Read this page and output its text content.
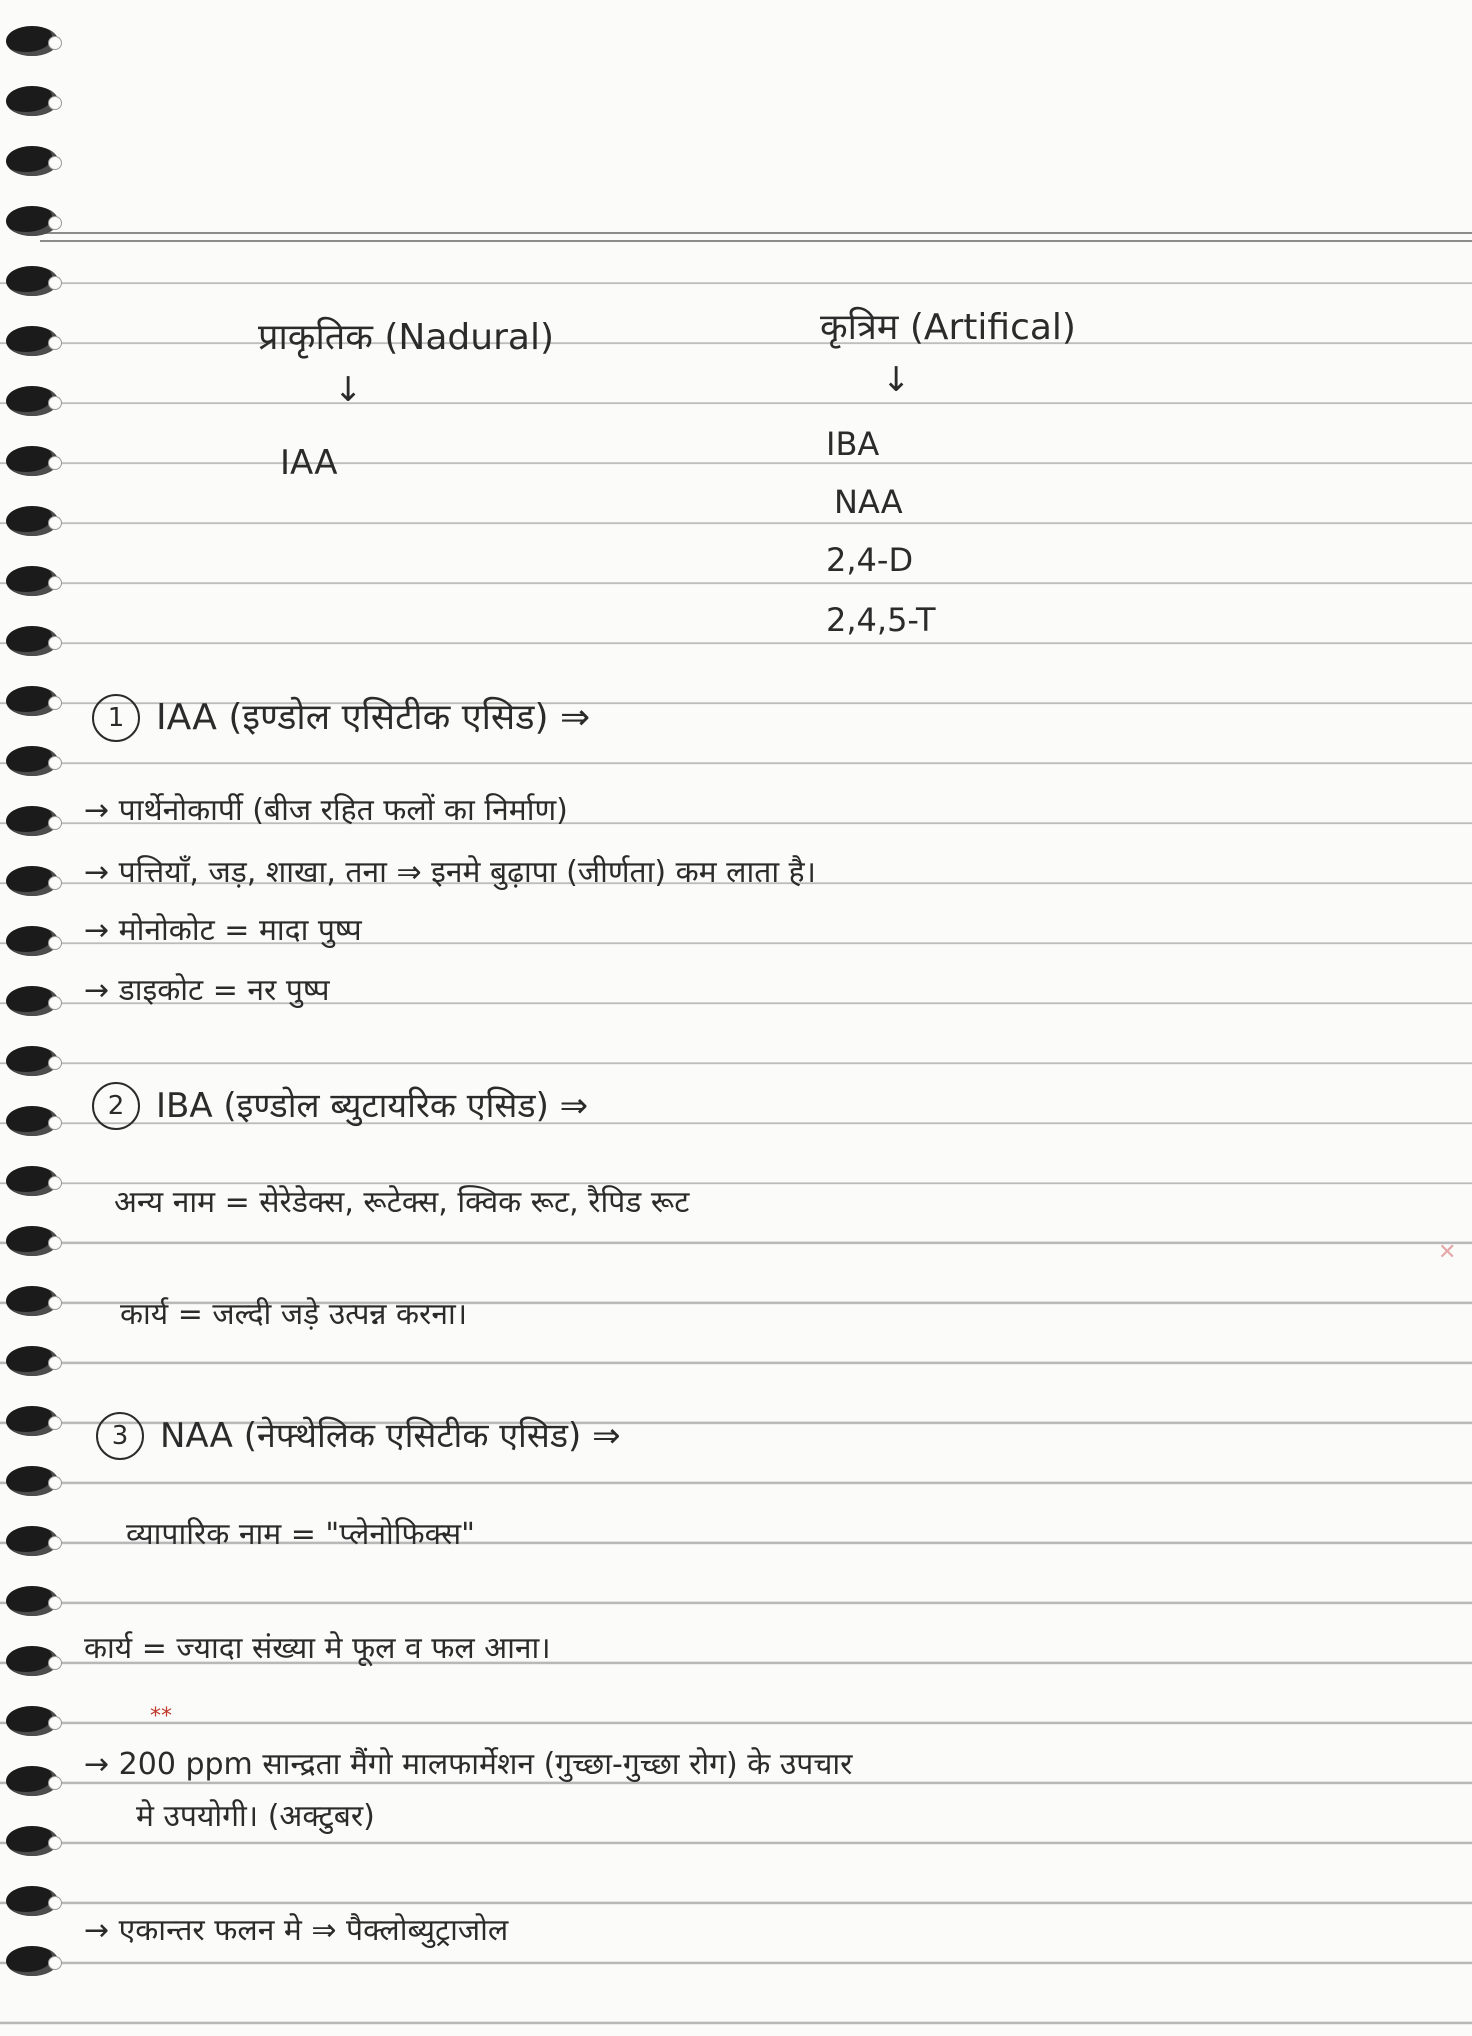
प्राकृतिक (Nadural)
↓
IAA
कृत्रिम (Artifical)
↓
IBA
NAA
2,4-D
2,4,5-T
1 IAA (इण्डोल एसिटीक एसिड) ⇒
→ पार्थेनोकार्पी (बीज रहित फलों का निर्माण)
→ पत्तियाँ, जड़, शाखा, तना ⇒ इनमे बुढ़ापा (जीर्णता) कम लाता है।
→ मोनोकोट = मादा पुष्प
→ डाइकोट = नर पुष्प
2 IBA (इण्डोल ब्युटायरिक एसिड) ⇒
अन्य नाम = सेरेडेक्स, रूटेक्स, क्विक रूट, रैपिड रूट
कार्य = जल्दी जड़े उत्पन्न करना।
3 NAA (नेफ्थेलिक एसिटीक एसिड) ⇒
व्यापारिक नाम = "प्लेनोफिक्स"
कार्य = ज्यादा संख्या मे फूल व फल आना।
**
→ 200 ppm सान्द्रता मैंगो मालफार्मेशन (गुच्छा-गुच्छा रोग) के उपचार
मे उपयोगी। (अक्टुबर)
→ एकान्तर फलन मे ⇒ पैक्लोब्युट्राजोल
✕
